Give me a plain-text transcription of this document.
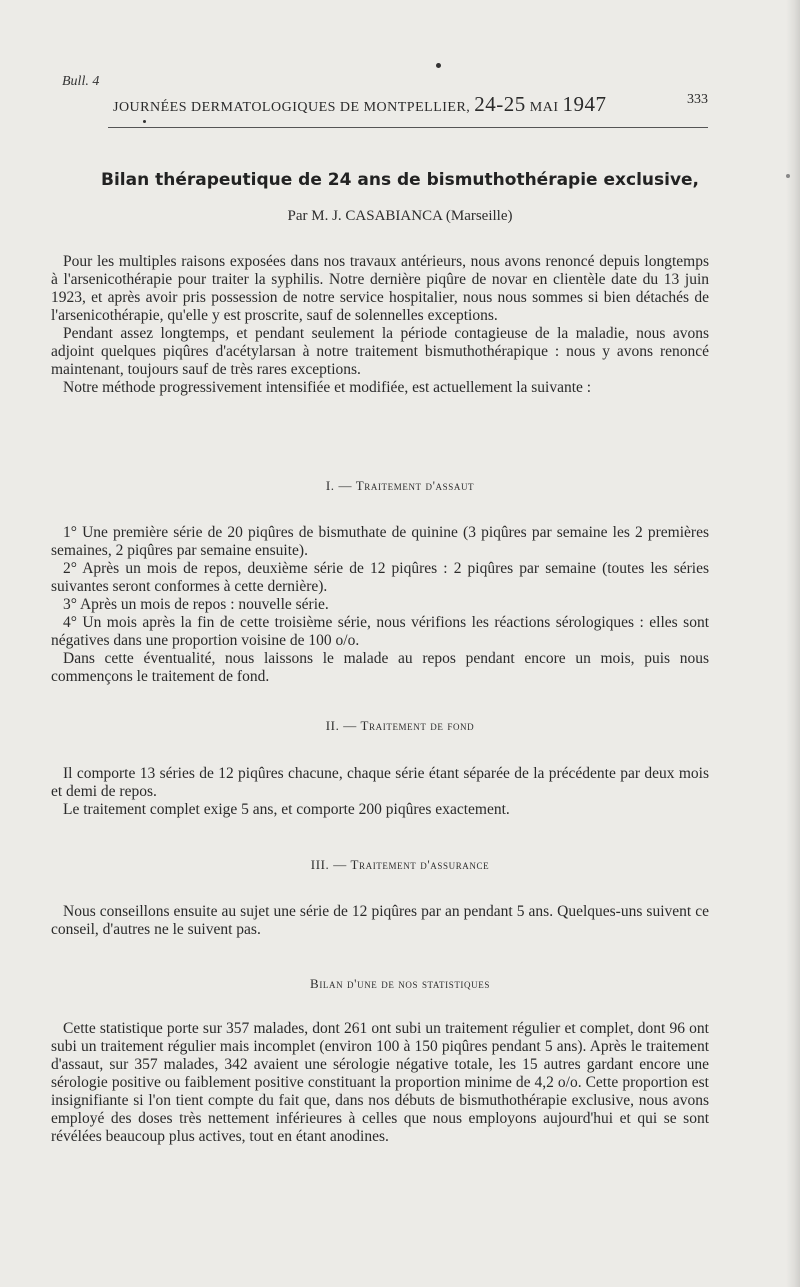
Bull. 4
JOURNÉES DERMATOLOGIQUES DE MONTPELLIER, 24-25 MAI 1947	333
Bilan thérapeutique de 24 ans de bismuthothérapie exclusive,
Par M. J. CASABIANCA (Marseille)

Pour les multiples raisons exposées dans nos travaux antérieurs, nous avons renoncé depuis longtemps à l'arsenicothérapie pour traiter la syphilis. Notre dernière piqûre de novar en clientèle date du 13 juin 1923, et après avoir pris possession de notre service hospitalier, nous nous sommes si bien détachés de l'arsenicothérapie, qu'elle y est proscrite, sauf de solennelles exceptions.

Pendant assez longtemps, et pendant seulement la période contagieuse de la maladie, nous avons adjoint quelques piqûres d'acétylarsan à notre traitement bismuthothérapique : nous y avons renoncé maintenant, toujours sauf de très rares exceptions.

Notre méthode progressivement intensifiée et modifiée, est actuellement la suivante :

I. — Traitement d'assaut

1° Une première série de 20 piqûres de bismuthate de quinine (3 piqûres par semaine les 2 premières semaines, 2 piqûres par semaine ensuite).

2° Après un mois de repos, deuxième série de 12 piqûres : 2 piqûres par semaine (toutes les séries suivantes seront conformes à cette dernière).

3° Après un mois de repos : nouvelle série.

4° Un mois après la fin de cette troisième série, nous vérifions les réactions sérologiques : elles sont négatives dans une proportion voisine de 100 o/o.

Dans cette éventualité, nous laissons le malade au repos pendant encore un mois, puis nous commençons le traitement de fond.

II. — Traitement de fond

Il comporte 13 séries de 12 piqûres chacune, chaque série étant séparée de la précédente par deux mois et demi de repos.

Le traitement complet exige 5 ans, et comporte 200 piqûres exactement.

III. — Traitement d'assurance

Nous conseillons ensuite au sujet une série de 12 piqûres par an pendant 5 ans. Quelques-uns suivent ce conseil, d'autres ne le suivent pas.

Bilan d'une de nos statistiques

Cette statistique porte sur 357 malades, dont 261 ont subi un traitement régulier et complet, dont 96 ont subi un traitement régulier mais incomplet (environ 100 à 150 piqûres pendant 5 ans). Après le traitement d'assaut, sur 357 malades, 342 avaient une sérologie négative totale, les 15 autres gardant encore une sérologie positive ou faiblement positive constituant la proportion minime de 4,2 o/o. Cette proportion est insignifiante si l'on tient compte du fait que, dans nos débuts de bismuthothérapie exclusive, nous avons employé des doses très nettement inférieures à celles que nous employons aujourd'hui et qui se sont révélées beaucoup plus actives, tout en étant anodines.
